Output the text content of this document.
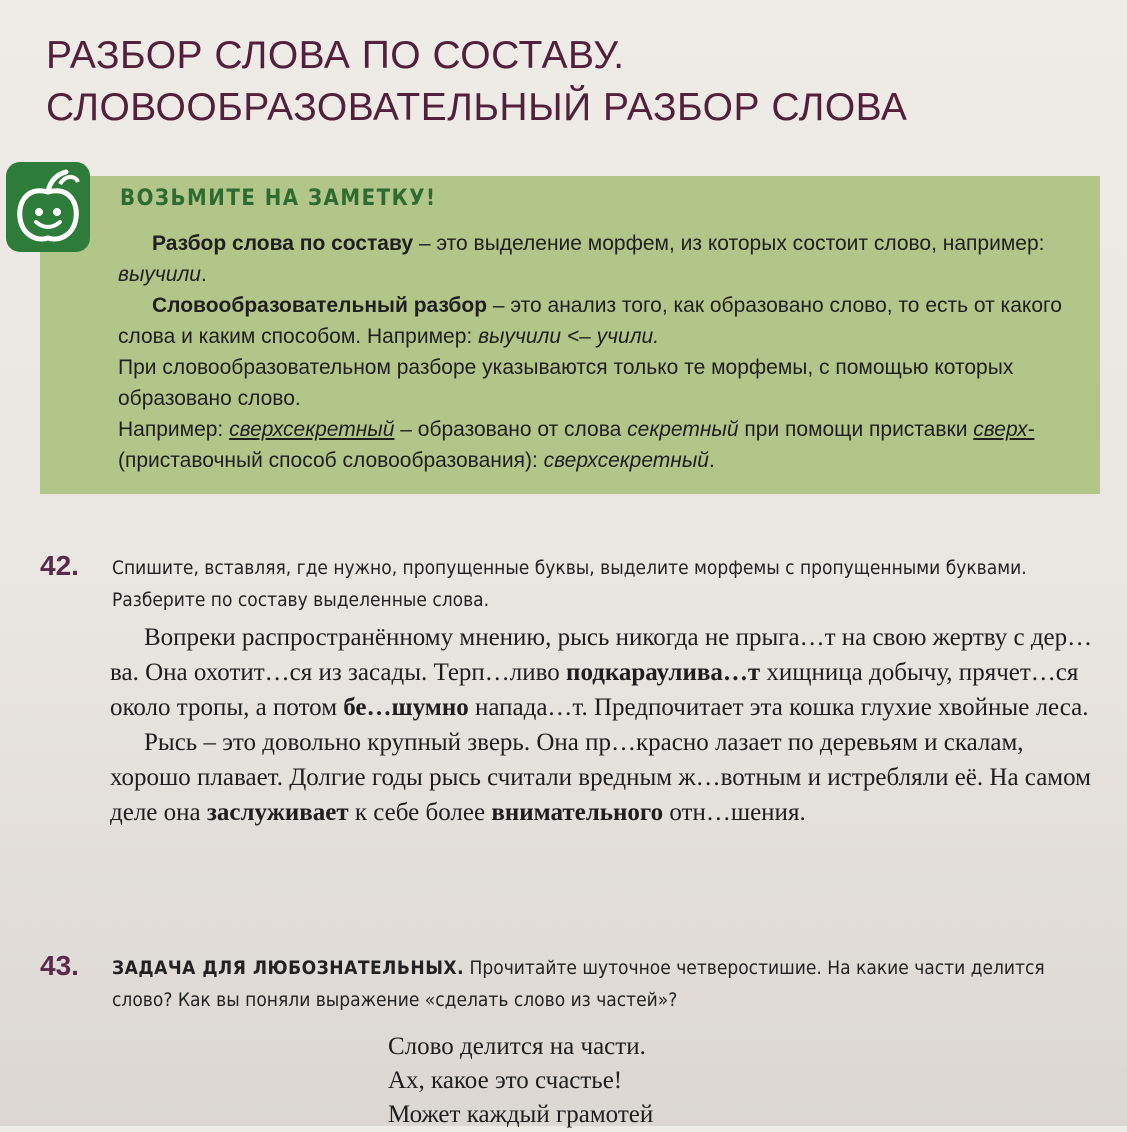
РАЗБОР СЛОВА ПО СОСТАВУ.
СЛОВООБРАЗОВАТЕЛЬНЫЙ РАЗБОР СЛОВА
ВОЗЬМИТЕ НА ЗАМЕТКУ!

Разбор слова по составу – это выделение морфем, из которых состоит слово, например: выучили.

Словообразовательный разбор – это анализ того, как образовано слово, то есть от какого слова и каким способом. Например: выучили <– учили.

При словообразовательном разборе указываются только те морфемы, с помощью которых образовано слово.

Например: сверхсекретный – образовано от слова секретный при помощи приставки сверх- (приставочный способ словообразования): сверхсекретный.

42. Спишите, вставляя, где нужно, пропущенные буквы, выделите морфемы с пропущенными буквами. Разберите по составу выделенные слова.

Вопреки распространённому мнению, рысь никогда не прыга…т на свою жертву с дер…ва. Она охотит…ся из засады. Терп…ливо подкараулива…т хищница добычу, прячет…ся около тропы, а потом бе…шумно напада…т. Предпочитает эта кошка глухие хвойные леса.

Рысь – это довольно крупный зверь. Она пр…красно лазает по деревьям и скалам, хорошо плавает. Долгие годы рысь считали вредным ж…вотным и истребляли её. На самом деле она заслуживает к себе более внимательного отн…шения.

43. ЗАДАЧА ДЛЯ ЛЮБОЗНАТЕЛЬНЫХ. Прочитайте шуточное четверостишие. На какие части делится слово? Как вы поняли выражение «сделать слово из частей»?
Слово делится на части.
Ах, какое это счастье!
Может каждый грамотей
